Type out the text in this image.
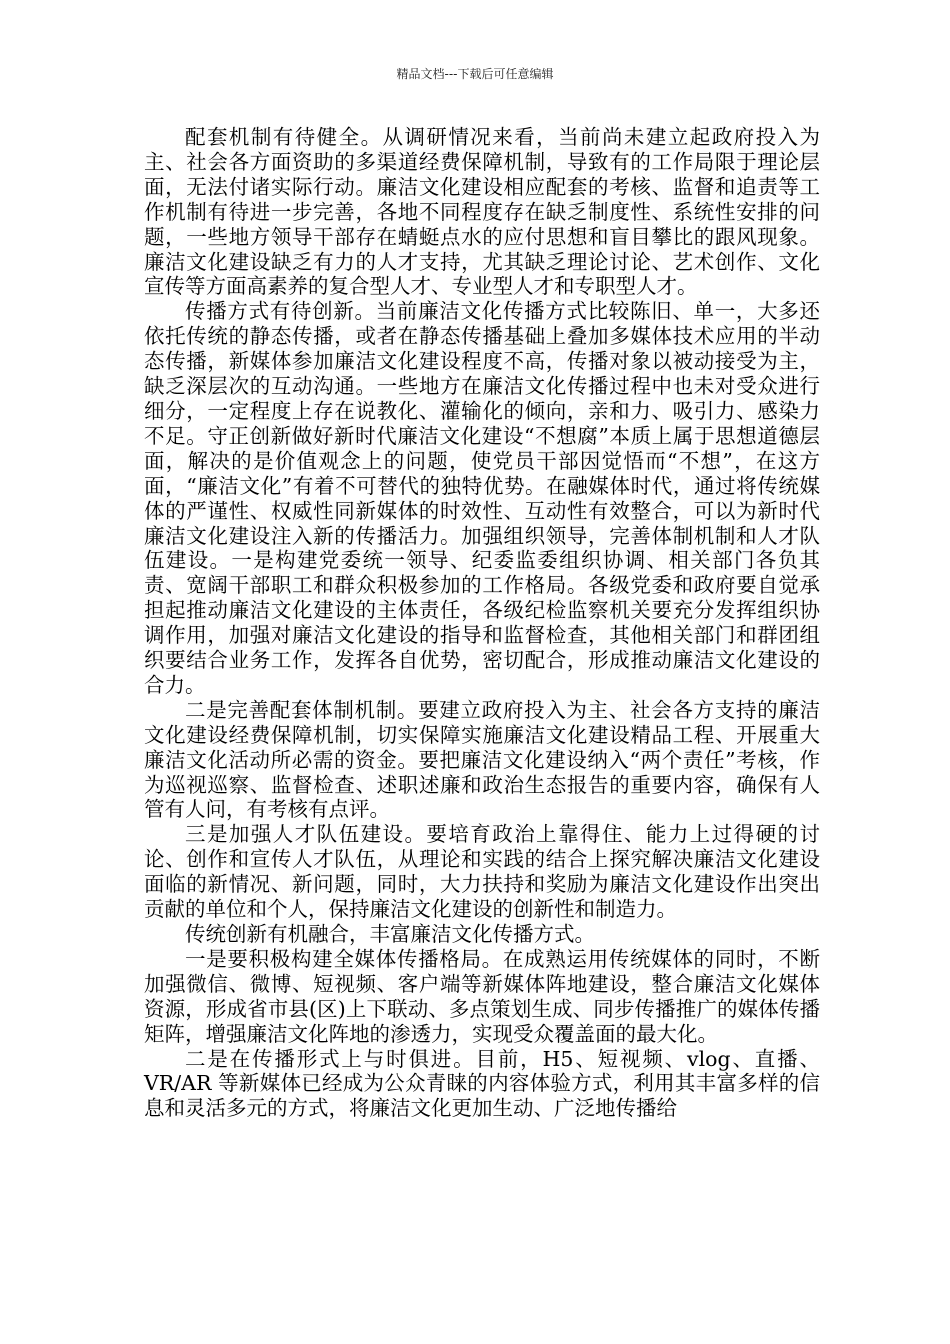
精品文档---下载后可任意编辑

配套机制有待健全。从调研情况来看，当前尚未建立起政府投入为主、社会各方面资助的多渠道经费保障机制，导致有的工作局限于理论层面，无法付诸实际行动。廉洁文化建设相应配套的考核、监督和追责等工作机制有待进一步完善，各地不同程度存在缺乏制度性、系统性安排的问题，一些地方领导干部存在蜻蜓点水的应付思想和盲目攀比的跟风现象。廉洁文化建设缺乏有力的人才支持，尤其缺乏理论讨论、艺术创作、文化宣传等方面高素养的复合型人才、专业型人才和专职型人才。

传播方式有待创新。当前廉洁文化传播方式比较陈旧、单一，大多还依托传统的静态传播，或者在静态传播基础上叠加多媒体技术应用的半动态传播，新媒体参加廉洁文化建设程度不高，传播对象以被动接受为主，缺乏深层次的互动沟通。一些地方在廉洁文化传播过程中也未对受众进行细分，一定程度上存在说教化、灌输化的倾向，亲和力、吸引力、感染力不足。守正创新做好新时代廉洁文化建设“不想腐”本质上属于思想道德层面，解决的是价值观念上的问题，使党员干部因觉悟而“不想”，在这方面，“廉洁文化”有着不可替代的独特优势。在融媒体时代，通过将传统媒体的严谨性、权威性同新媒体的时效性、互动性有效整合，可以为新时代廉洁文化建设注入新的传播活力。加强组织领导，完善体制机制和人才队伍建设。一是构建党委统一领导、纪委监委组织协调、相关部门各负其责、宽阔干部职工和群众积极参加的工作格局。各级党委和政府要自觉承担起推动廉洁文化建设的主体责任，各级纪检监察机关要充分发挥组织协调作用，加强对廉洁文化建设的指导和监督检查，其他相关部门和群团组织要结合业务工作，发挥各自优势，密切配合，形成推动廉洁文化建设的合力。

二是完善配套体制机制。要建立政府投入为主、社会各方支持的廉洁文化建设经费保障机制，切实保障实施廉洁文化建设精品工程、开展重大廉洁文化活动所必需的资金。要把廉洁文化建设纳入“两个责任”考核，作为巡视巡察、监督检查、述职述廉和政治生态报告的重要内容，确保有人管有人问，有考核有点评。

三是加强人才队伍建设。要培育政治上靠得住、能力上过得硬的讨论、创作和宣传人才队伍，从理论和实践的结合上探究解决廉洁文化建设面临的新情况、新问题，同时，大力扶持和奖励为廉洁文化建设作出突出贡献的单位和个人，保持廉洁文化建设的创新性和制造力。

传统创新有机融合，丰富廉洁文化传播方式。

一是要积极构建全媒体传播格局。在成熟运用传统媒体的同时，不断加强微信、微博、短视频、客户端等新媒体阵地建设，整合廉洁文化媒体资源，形成省市县(区)上下联动、多点策划生成、同步传播推广的媒体传播矩阵，增强廉洁文化阵地的渗透力，实现受众覆盖面的最大化。

二是在传播形式上与时俱进。目前，H5、短视频、vlog、直播、VR/AR 等新媒体已经成为公众青睐的内容体验方式，利用其丰富多样的信息和灵活多元的方式，将廉洁文化更加生动、广泛地传播给
